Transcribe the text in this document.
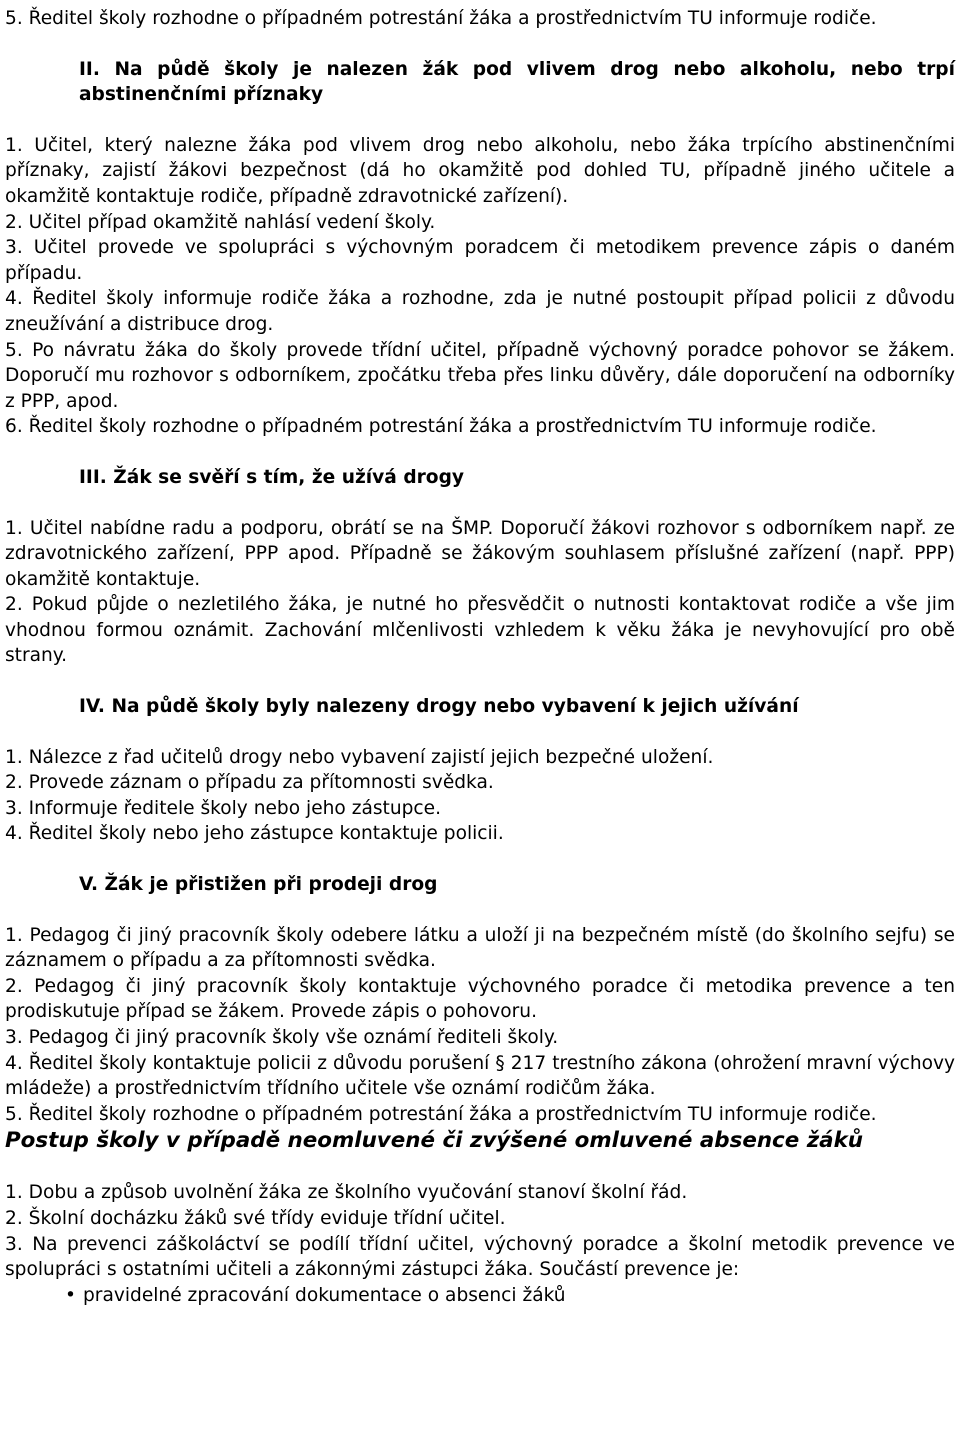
5. Ředitel školy rozhodne o případném potrestání žáka a prostřednictvím TU informuje rodiče.

II. Na půdě školy je nalezen žák pod vlivem drog nebo alkoholu, nebo trpí abstinenčními příznaky

1. Učitel, který nalezne žáka pod vlivem drog nebo alkoholu, nebo žáka trpícího abstinenčními příznaky, zajistí žákovi bezpečnost (dá ho okamžitě pod dohled TU, případně jiného učitele a okamžitě kontaktuje rodiče, případně zdravotnické zařízení).

2. Učitel případ okamžitě nahlásí vedení školy.

3. Učitel provede ve spolupráci s výchovným poradcem či metodikem prevence zápis o daném případu.

4. Ředitel školy informuje rodiče žáka a rozhodne, zda je nutné postoupit případ policii z důvodu zneužívání a distribuce drog.

5. Po návratu žáka do školy provede třídní učitel, případně výchovný poradce pohovor se žákem. Doporučí mu rozhovor s odborníkem, zpočátku třeba přes linku důvěry, dále doporučení na odborníky z PPP, apod.

6. Ředitel školy rozhodne o případném potrestání žáka a prostřednictvím TU informuje rodiče.

III. Žák se svěří s tím, že užívá drogy

1. Učitel nabídne radu a podporu, obrátí se na ŠMP. Doporučí žákovi rozhovor s odborníkem např. ze zdravotnického zařízení, PPP apod. Případně se žákovým souhlasem příslušné zařízení (např. PPP) okamžitě kontaktuje.

2. Pokud půjde o nezletilého žáka, je nutné ho přesvědčit o nutnosti kontaktovat rodiče a vše jim vhodnou formou oznámit. Zachování mlčenlivosti vzhledem k věku žáka je nevyhovující pro obě strany.

IV. Na půdě školy byly nalezeny drogy nebo vybavení k jejich užívání

1. Nálezce z řad učitelů drogy nebo vybavení zajistí jejich bezpečné uložení.

2. Provede záznam o případu za přítomnosti svědka.

3. Informuje ředitele školy nebo jeho zástupce.

4. Ředitel školy nebo jeho zástupce kontaktuje policii.

V. Žák je přistižen při prodeji drog

1. Pedagog či jiný pracovník školy odebere látku a uloží ji na bezpečném místě (do školního sejfu) se záznamem o případu a za přítomnosti svědka.

2. Pedagog či jiný pracovník školy kontaktuje výchovného poradce či metodika prevence a ten prodiskutuje případ se žákem. Provede zápis o pohovoru.

3. Pedagog či jiný pracovník školy vše oznámí řediteli školy.

4. Ředitel školy kontaktuje policii z důvodu porušení § 217 trestního zákona (ohrožení mravní výchovy mládeže) a prostřednictvím třídního učitele vše oznámí rodičům žáka.

5. Ředitel školy rozhodne o případném potrestání žáka a prostřednictvím TU informuje rodiče.

Postup školy v případě neomluvené či zvýšené omluvené absence žáků

1. Dobu a způsob uvolnění žáka ze školního vyučování stanoví školní řád.

2. Školní docházku žáků své třídy eviduje třídní učitel.

3. Na prevenci záškoláctví se podílí třídní učitel, výchovný poradce a školní metodik prevence ve spolupráci s ostatními učiteli a zákonnými zástupci žáka. Součástí prevence je:

• pravidelné zpracování dokumentace o absenci žáků
